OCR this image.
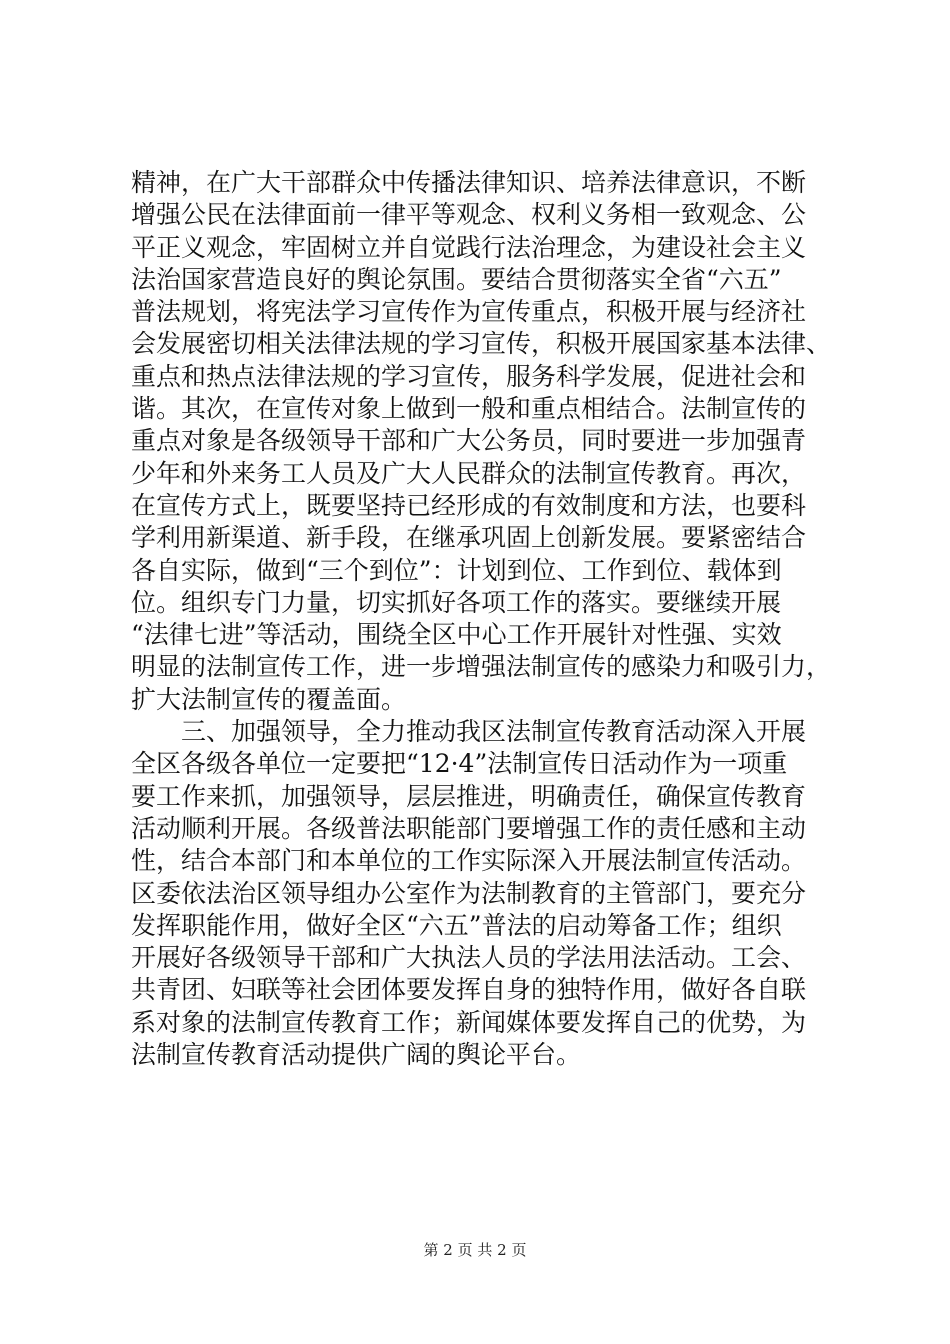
精神，在广大干部群众中传播法律知识、培养法律意识，不断
增强公民在法律面前一律平等观念、权利义务相一致观念、公
平正义观念，牢固树立并自觉践行法治理念，为建设社会主义
法治国家营造良好的舆论氛围。要结合贯彻落实全省“六五”
普法规划，将宪法学习宣传作为宣传重点，积极开展与经济社
会发展密切相关法律法规的学习宣传，积极开展国家基本法律、
重点和热点法律法规的学习宣传，服务科学发展，促进社会和
谐。其次，在宣传对象上做到一般和重点相结合。法制宣传的
重点对象是各级领导干部和广大公务员，同时要进一步加强青
少年和外来务工人员及广大人民群众的法制宣传教育。再次，
在宣传方式上，既要坚持已经形成的有效制度和方法，也要科
学利用新渠道、新手段，在继承巩固上创新发展。要紧密结合
各自实际，做到“三个到位”：计划到位、工作到位、载体到
位。组织专门力量，切实抓好各项工作的落实。要继续开展
“法律七进”等活动，围绕全区中心工作开展针对性强、实效
明显的法制宣传工作，进一步增强法制宣传的感染力和吸引力，
扩大法制宣传的覆盖面。
　　三、加强领导，全力推动我区法制宣传教育活动深入开展
全区各级各单位一定要把“12·4”法制宣传日活动作为一项重
要工作来抓，加强领导，层层推进，明确责任，确保宣传教育
活动顺利开展。各级普法职能部门要增强工作的责任感和主动
性，结合本部门和本单位的工作实际深入开展法制宣传活动。
区委依法治区领导组办公室作为法制教育的主管部门，要充分
发挥职能作用，做好全区“六五”普法的启动筹备工作；组织
开展好各级领导干部和广大执法人员的学法用法活动。工会、
共青团、妇联等社会团体要发挥自身的独特作用，做好各自联
系对象的法制宣传教育工作；新闻媒体要发挥自己的优势，为
法制宣传教育活动提供广阔的舆论平台。
第 2 页 共 2 页
